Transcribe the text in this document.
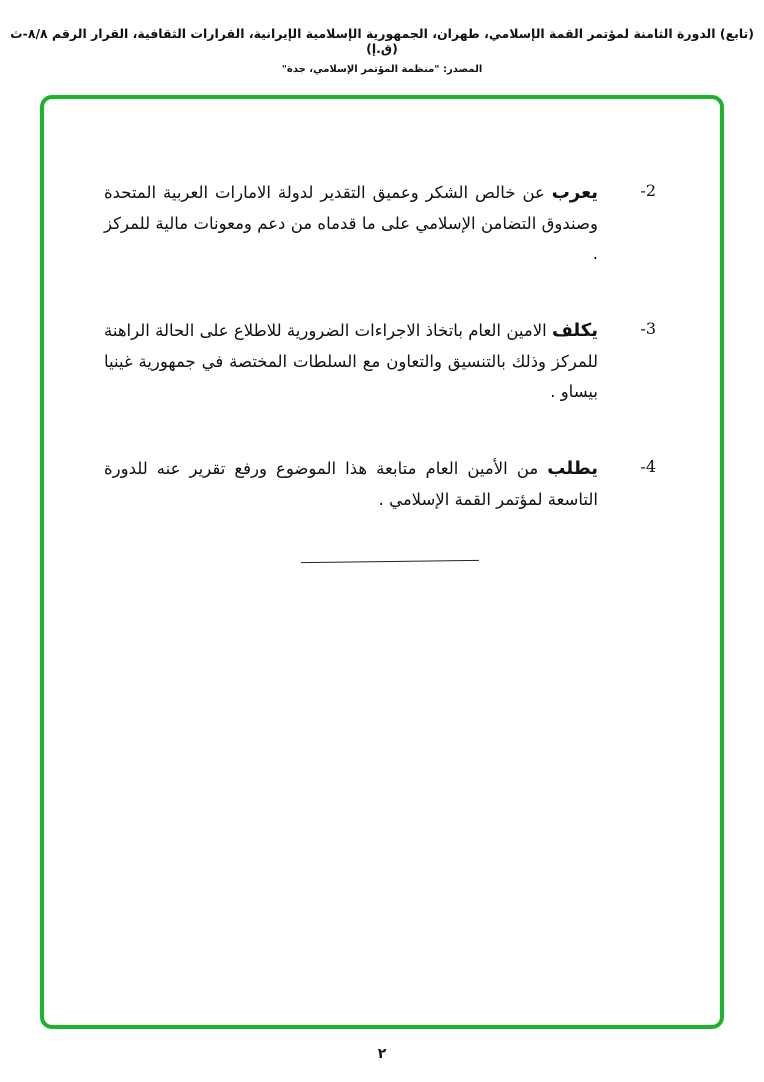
(تابع) الدورة الثامنة لمؤتمر القمة الإسلامي، طهران، الجمهورية الإسلامية الإيرانية، القرارات الثقافية، القرار الرقم ٨/٨-ث (ق.إ)
المصدر: "منظمة المؤتمر الإسلامي، جدة"
2-
يعرب عن خالص الشكر وعميق التقدير لدولة الامارات العربية المتحدة وصندوق التضامن الإسلامي على ما قدماه من دعم ومعونات مالية للمركز .
3-
يكلف الامين العام باتخاذ الاجراءات الضرورية للاطلاع على الحالة الراهنة للمركز وذلك بالتنسيق والتعاون مع السلطات المختصة في جمهورية غينيا بيساو .
4-
يطلب من الأمين العام متابعة هذا الموضوع ورفع تقرير عنه للدورة التاسعة لمؤتمر القمة الإسلامي .
٢
